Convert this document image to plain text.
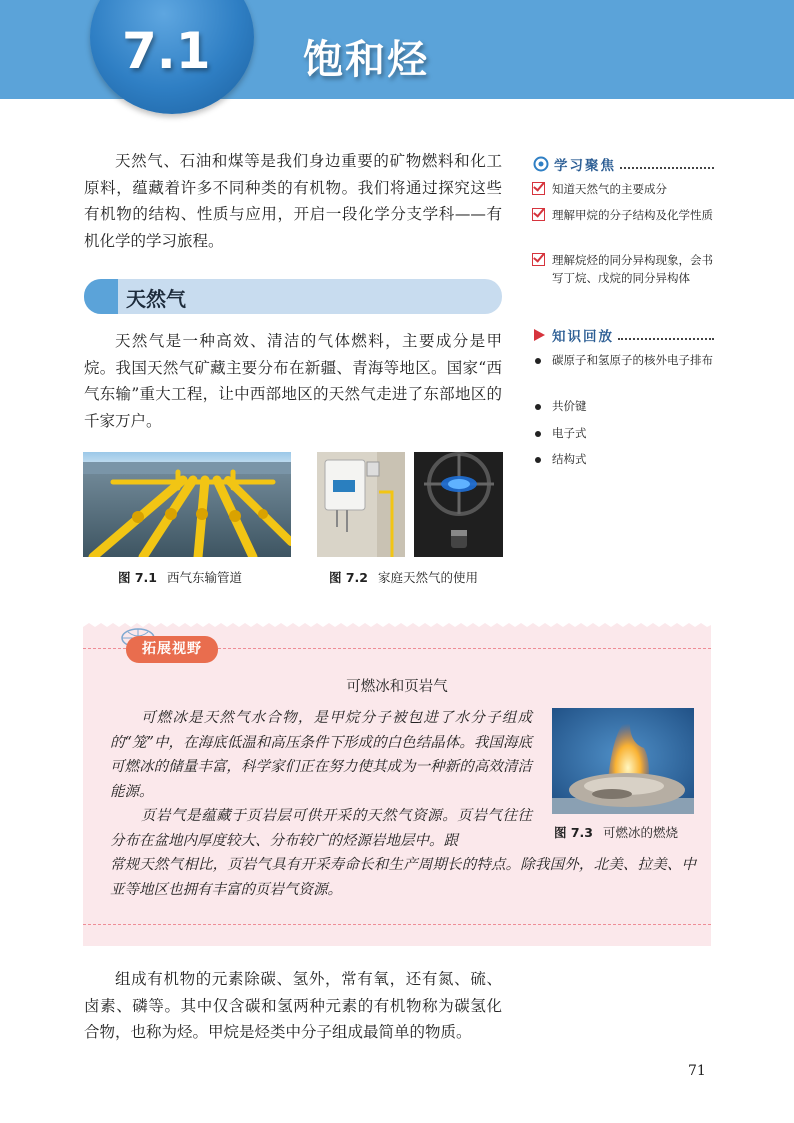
7.1 饱和烃

天然气、石油和煤等是我们身边重要的矿物燃料和化工原料，蕴藏着许多不同种类的有机物。我们将通过探究这些有机物的结构、性质与应用，开启一段化学分支学科——有机化学的学习旅程。

天然气

天然气是一种高效、清洁的气体燃料，主要成分是甲烷。我国天然气矿藏主要分布在新疆、青海等地区。国家“西气东输”重大工程，让中西部地区的天然气走进了东部地区的千家万户。

学习聚焦
知道天然气的主要成分
理解甲烷的分子结构及化学性质
理解烷烃的同分异构现象，会书写丁烷、戊烷的同分异构体
知识回放
碳原子和氢原子的核外电子排布
共价键
电子式
结构式
图 7.1 西气东输管道	图 7.2 家庭天然气的使用
拓展视野
可燃冰和页岩气

可燃冰是天然气水合物，是甲烷分子被包进了水分子组成的“笼”中，在海底低温和高压条件下形成的白色结晶体。我国海底可燃冰的储量丰富，科学家们正在努力使其成为一种新的高效清洁能源。

页岩气是蕴藏于页岩层可供开采的天然气资源。页岩气往往分布在盆地内厚度较大、分布较广的烃源岩地层中。跟

常规天然气相比，页岩气具有开采寿命长和生产周期长的特点。除我国外，北美、拉美、中亚等地区也拥有丰富的页岩气资源。

图 7.3 可燃冰的燃烧

组成有机物的元素除碳、氢外，常有氧，还有氮、硫、卤素、磷等。其中仅含碳和氢两种元素的有机物称为碳氢化合物，也称为烃。甲烷是烃类中分子组成最简单的物质。

71
